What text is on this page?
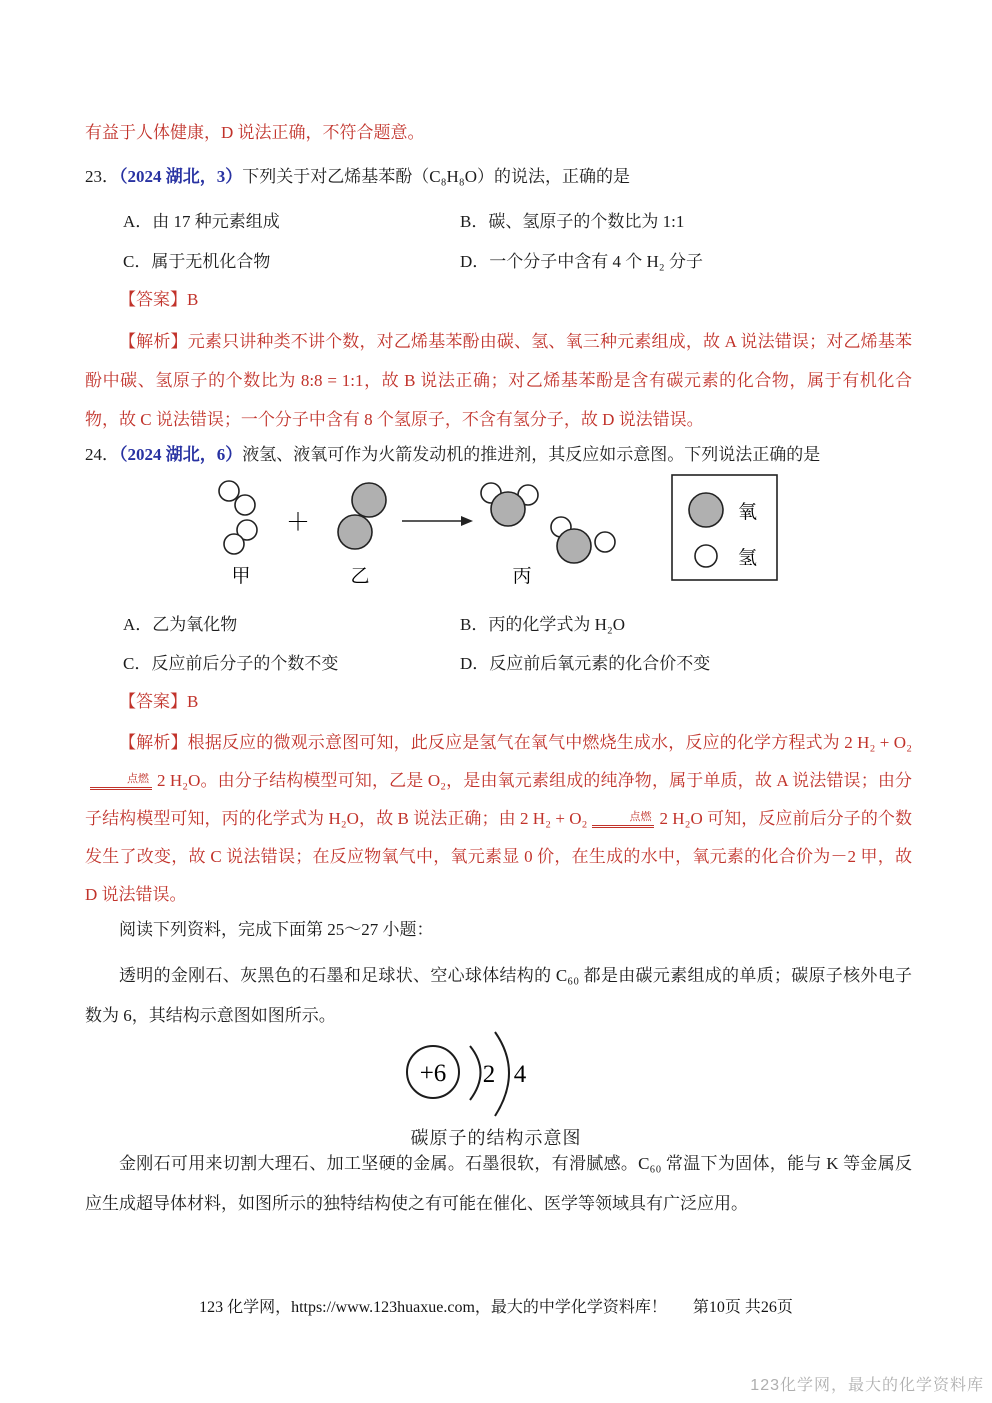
有益于人体健康，D 说法正确，不符合题意。
23．（2024 湖北，3）下列关于对乙烯基苯酚（C₈H₈O）的说法，正确的是
A．由 17 种元素组成	B．碳、氢原子的个数比为 1:1
C．属于无机化合物	D．一个分子中含有 4 个 H₂ 分子
【答案】B
【解析】元素只讲种类不讲个数，对乙烯基苯酚由碳、氢、氧三种元素组成，故 A 说法错误；对乙烯基苯酚中碳、氢原子的个数比为 8:8 = 1:1，故 B 说法正确；对乙烯基苯酚是含有碳元素的化合物，属于有机化合物，故 C 说法错误；一个分子中含有 8 个氢原子，不含有氢分子，故 D 说法错误。
24．（2024 湖北，6）液氢、液氧可作为火箭发动机的推进剂，其反应如示意图。下列说法正确的是
甲
＋
乙	丙
氧
氢
A．乙为氧化物	B．丙的化学式为 H₂O
C．反应前后分子的个数不变	D．反应前后氧元素的化合价不变
【答案】B
【解析】根据反应的微观示意图可知，此反应是氢气在氧气中燃烧生成水，反应的化学方程式为 2 H₂ + O₂点燃 2 H₂O。由分子结构模型可知，乙是 O₂，是由氧元素组成的纯净物，属于单质，故 A 说法错误；由分子结构模型可知，丙的化学式为 H₂O，故 B 说法正确；由 2 H₂ + O₂	点燃 2 H₂O 可知，反应前后分子的个数发生了改变，故 C 说法错误；在反应物氧气中，氧元素显 0 价，在生成的水中，氧元素的化合价为－2 甲，故 D 说法错误。
阅读下列资料，完成下面第 25～27 小题：
透明的金刚石、灰黑色的石墨和足球状、空心球体结构的 C₆₀ 都是由碳元素组成的单质；碳原子核外电子数为 6，其结构示意图如图所示。
+6 2 4
碳原子的结构示意图
金刚石可用来切割大理石、加工坚硬的金属。石墨很软，有滑腻感。C₆₀ 常温下为固体，能与 K 等金属反应生成超导体材料，如图所示的独特结构使之有可能在催化、医学等领域具有广泛应用。
123 化学网，https://www.123huaxue.com，最大的中学化学资料库！ 第10页 共26页
123化学网，最大的化学资料库
